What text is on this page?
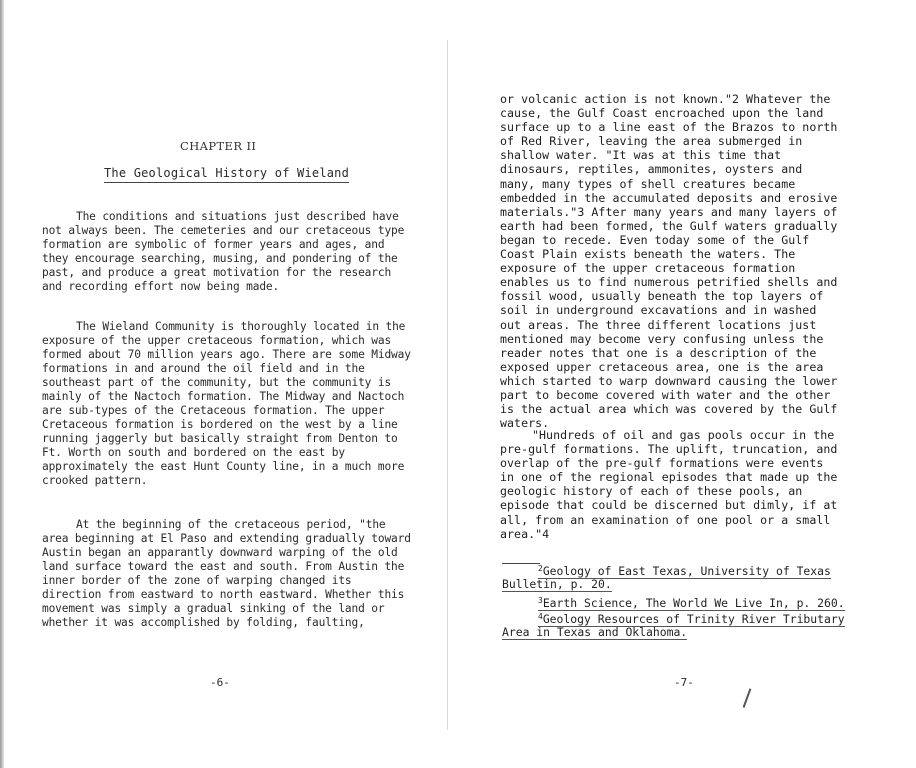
CHAPTER II
The Geological History of Wieland

The conditions and situations just described have not always been. The cemeteries and our cretaceous type formation are symbolic of former years and ages, and they encourage searching, musing, and pondering of the past, and produce a great motivation for the research and recording effort now being made.

The Wieland Community is thoroughly located in the exposure of the upper cretaceous formation, which was formed about 70 million years ago. There are some Midway formations in and around the oil field and in the southeast part of the community, but the community is mainly of the Nactoch formation. The Midway and Nactoch are sub-types of the Cretaceous formation. The upper Cretaceous formation is bordered on the west by a line running jaggerly but basically straight from Denton to Ft. Worth on south and bordered on the east by approximately the east Hunt County line, in a much more crooked pattern.

At the beginning of the cretaceous period, "the area beginning at El Paso and extending gradually toward Austin began an apparantly downward warping of the old land surface toward the east and south. From Austin the inner border of the zone of warping changed its direction from eastward to north eastward. Whether this movement was simply a gradual sinking of the land or whether it was accomplished by folding, faulting,

-6-

or volcanic action is not known."2 Whatever the cause, the Gulf Coast encroached upon the land surface up to a line east of the Brazos to north of Red River, leaving the area submerged in shallow water. "It was at this time that dinosaurs, reptiles, ammonites, oysters and many, many types of shell creatures became embedded in the accumulated deposits and erosive materials."3 After many years and many layers of earth had been formed, the Gulf waters gradually began to recede. Even today some of the Gulf Coast Plain exists beneath the waters. The exposure of the upper cretaceous formation enables us to find numerous petrified shells and fossil wood, usually beneath the top layers of soil in underground excavations and in washed out areas. The three different locations just mentioned may become very confusing unless the reader notes that one is a description of the exposed upper cretaceous area, one is the area which started to warp downward causing the lower part to become covered with water and the other is the actual area which was covered by the Gulf waters.

"Hundreds of oil and gas pools occur in the pre-gulf formations. The uplift, truncation, and overlap of the pre-gulf formations were events in one of the regional episodes that made up the geologic history of each of these pools, an episode that could be discerned but dimly, if at all, from an examination of one pool or a small area."4

$^2$Geology of East Texas, University of Texas
Bulletin, p. 20.
$^3$Earth Science, The World We Live In, p. 260.
$^4$Geology Resources of Trinity River Tributary
Area in Texas and Oklahoma.
-7-
